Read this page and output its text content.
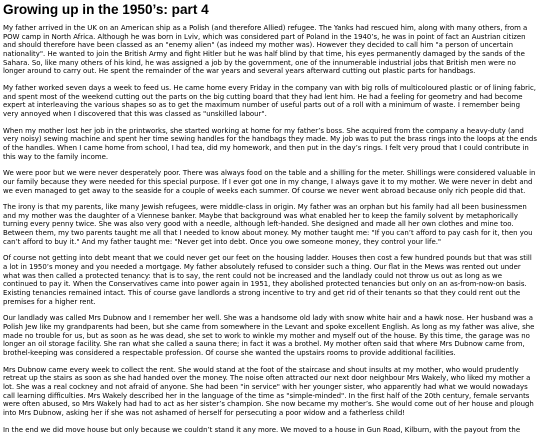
Growing up in the 1950’s: part 4

My father arrived in the UK on an American ship as a Polish (and therefore Allied) refugee. The Yanks had rescued him, along with many others, from a POW camp in North Africa. Although he was born in Lviv, which was considered part of Poland in the 1940’s, he was in point of fact an Austrian citizen and should therefore have been classed as an "enemy alien" (as indeed my mother was). However they decided to call him "a person of uncertain nationality". He wanted to join the British Army and fight Hitler but he was half blind by that time, his eyes permanently damaged by the sands of the Sahara. So, like many others of his kind, he was assigned a job by the government, one of the innumerable industrial jobs that British men were no longer around to carry out. He spent the remainder of the war years and several years afterward cutting out plastic parts for handbags.

My father worked seven days a week to feed us. He came home every Friday in the company van with big rolls of multicoloured plastic or of lining fabric, and spent most of the weekend cutting out the parts on the big cutting board that they had lent him. He had a feeling for geometry and had become expert at interleaving the various shapes so as to get the maximum number of useful parts out of a roll with a minimum of waste. I remember being very annoyed when I discovered that this was classed as "unskilled labour".

When my mother lost her job in the printworks, she started working at home for my father’s boss. She acquired from the company a heavy-duty (and very noisy) sewing machine and spent her time sewing handles for the handbags they made. My job was to put the brass rings into the loops at the ends of the handles. When I came home from school, I had tea, did my homework, and then put in the day’s rings. I felt very proud that I could contribute in this way to the family income.

We were poor but we were never desperately poor. There was always food on the table and a shilling for the meter. Shillings were considered valuable in our family because they were needed for this special purpose. If I ever got one in my change, I always gave it to my mother. We were never in debt and we even managed to get away to the seaside for a couple of weeks each summer. Of course we never went abroad because only rich people did that.

The irony is that my parents, like many Jewish refugees, were middle-class in origin. My father was an orphan but his family had all been businessmen and my mother was the daughter of a Viennese banker. Maybe that background was what enabled her to keep the family solvent by metaphorically turning every penny twice. She was also very good with a needle, although left-handed. She designed and made all her own clothes and mine too. Between them, my two parents taught me all that I needed to know about money. My mother taught me: "If you can’t afford to pay cash for it, then you can’t afford to buy it." And my father taught me: "Never get into debt. Once you owe someone money, they control your life."

Of course not getting into debt meant that we could never get our feet on the housing ladder. Houses then cost a few hundred pounds but that was still a lot in 1950’s money and you needed a mortgage. My father absolutely refused to consider such a thing. Our flat in the Mews was rented out under what was then called a protected tenancy: that is to say, the rent could not be increased and the landlady could not throw us out as long as we continued to pay it. When the Conservatives came into power again in 1951, they abolished protected tenancies but only on an as-from-now-on basis. Existing tenancies remained intact. This of course gave landlords a strong incentive to try and get rid of their tenants so that they could rent out the premises for a higher rent.

Our landlady was called Mrs Dubnow and I remember her well. She was a handsome old lady with snow white hair and a hawk nose. Her husband was a Polish Jew like my grandparents had been, but she came from somewhere in the Levant and spoke excellent English. As long as my father was alive, she made no trouble for us, but as soon as he was dead, she set to work to winkle my mother and myself out of the house. By this time, the garage was no longer an oil storage facility. She ran what she called a sauna there; in fact it was a brothel. My mother often said that where Mrs Dubnow came from, brothel-keeping was considered a respectable profession. Of course she wanted the upstairs rooms to provide additional facilities.

Mrs Dubnow came every week to collect the rent. She would stand at the foot of the staircase and shout insults at my mother, who would prudently retreat up the stairs as soon as she had handed over the money. The noise often attracted our next door neighbour Mrs Wakely, who liked my mother a lot. She was a real cockney and not afraid of anyone. She had been "in service" with her younger sister, who apparently had what we would nowadays call learning difficulties. Mrs Wakely described her in the language of the time as "simple-minded". In the first half of the 20th century, female servants were often abused, so Mrs Wakely had had to act as her sister’s champion. She now became my mother’s. She would come out of her house and plough into Mrs Dubnow, asking her if she was not ashamed of herself for persecuting a poor widow and a fatherless child!

In the end we did move house but only because we couldn’t stand it any more. We moved to a house in Gun Road, Kilburn, with the payout from the
